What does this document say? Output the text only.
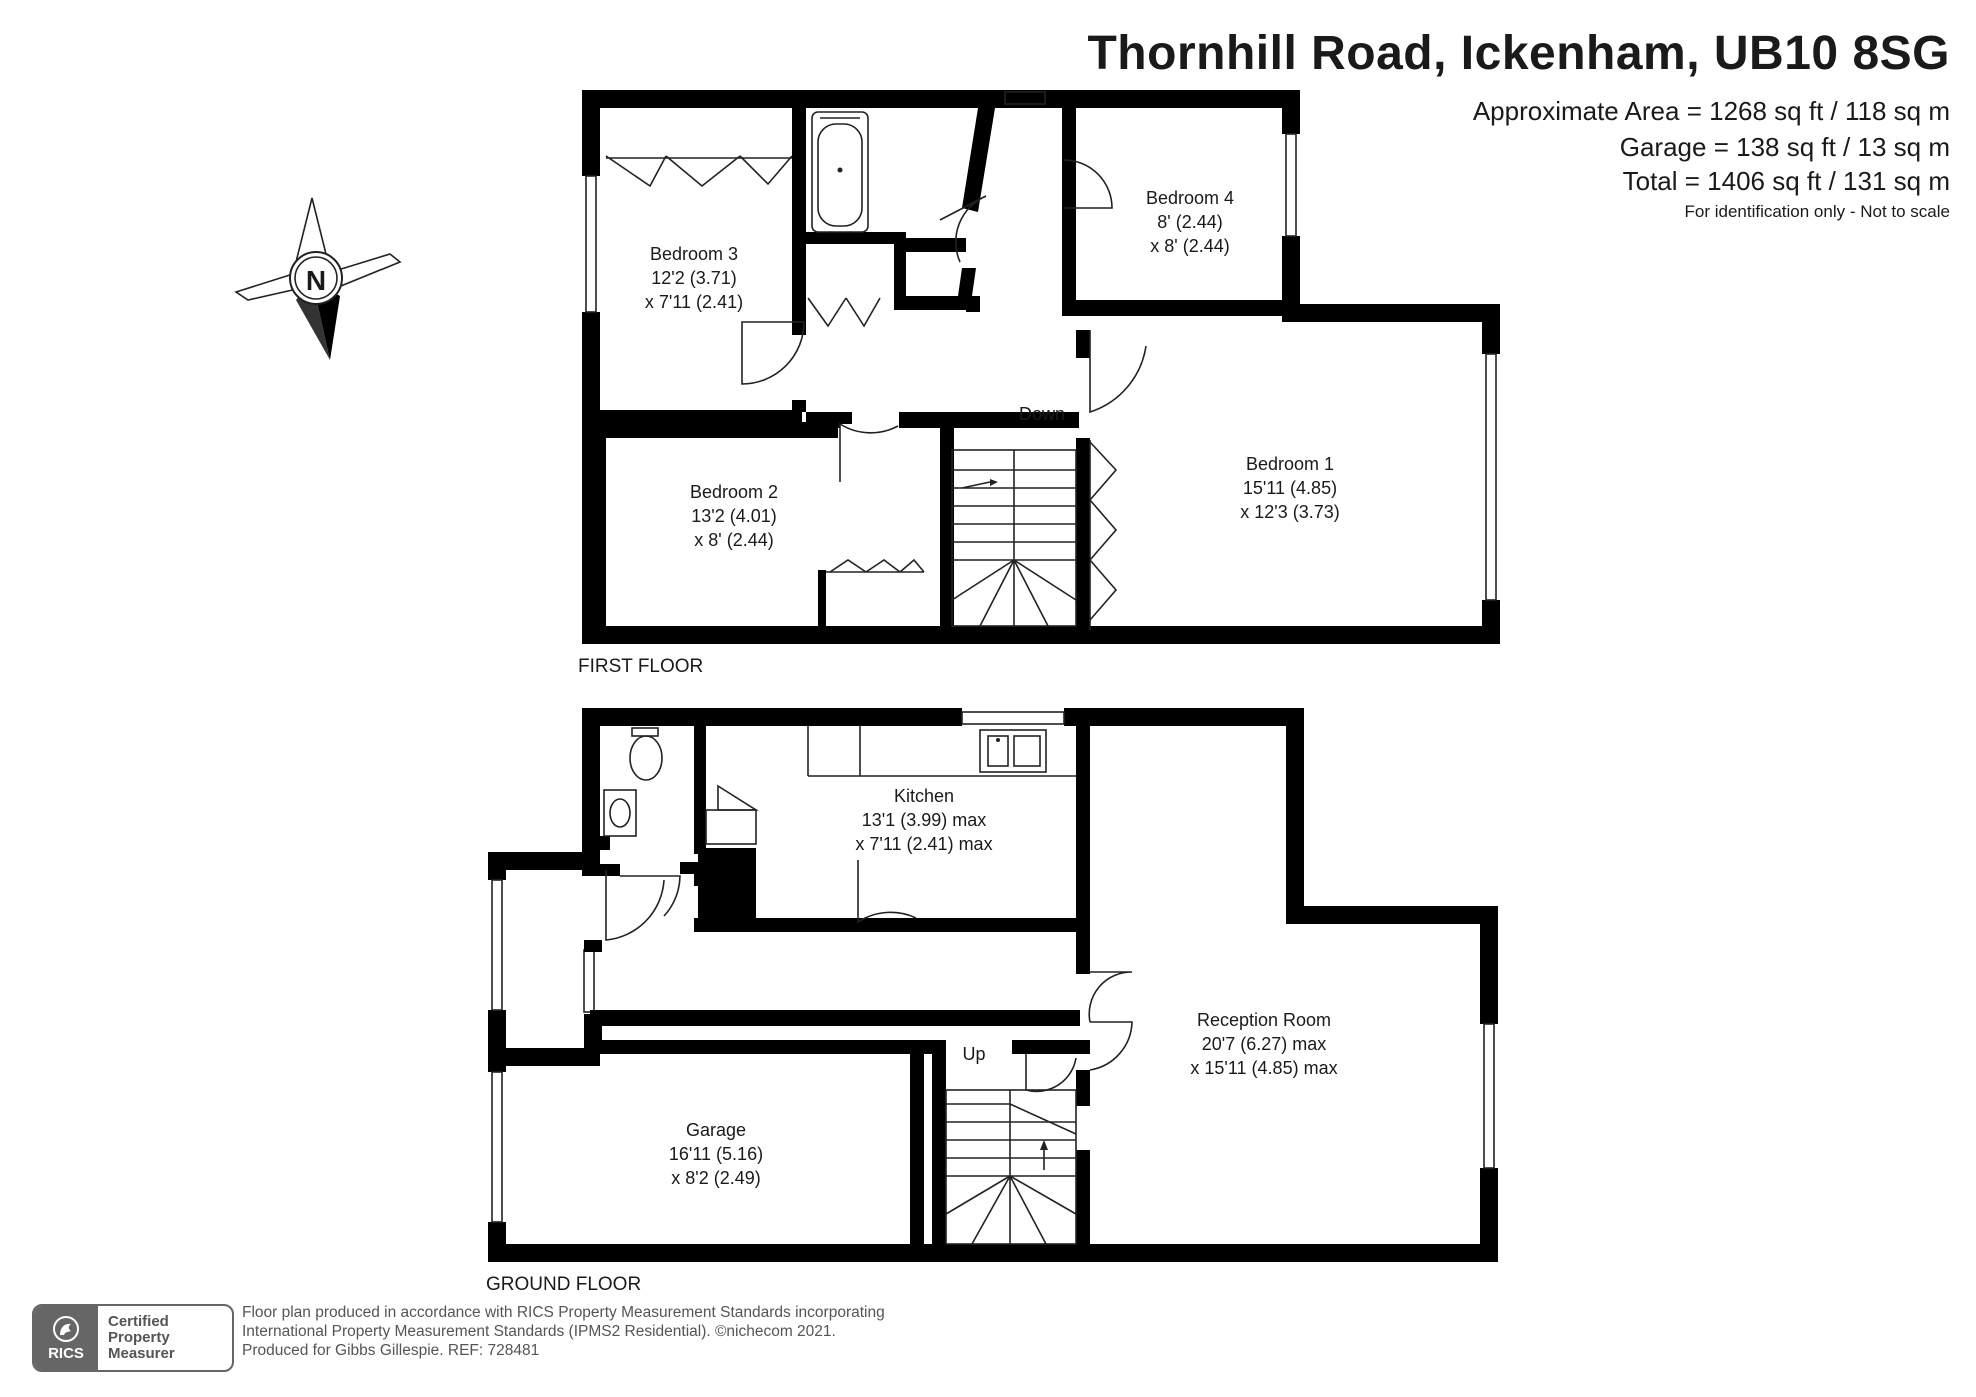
N
Bedroom 3
12'2 (3.71)
x 7'11 (2.41)
Bedroom 4
8' (2.44)
x 8' (2.44)
Bedroom 2
13'2 (4.01)
x 8' (2.44)
Bedroom 1
15'11 (4.85)
x 12'3 (3.73)
Down
FIRST FLOOR
Kitchen
13'1 (3.99) max
x 7'11 (2.41) max
Reception Room
20'7 (6.27) max
x 15'11 (4.85) max
Garage
16'11 (5.16)
x 8'2 (2.49)
Up
GROUND FLOOR
Thornhill Road, Ickenham, UB10 8SG
Approximate Area = 1268 sq ft / 118 sq m
Garage = 138 sq ft / 13 sq m
Total = 1406 sq ft / 131 sq m
For identification only - Not to scale
RICS
Certified
Property
Measurer
Floor plan produced in accordance with RICS Property Measurement Standards incorporating
International Property Measurement Standards (IPMS2 Residential). ©nichecom 2021.
Produced for Gibbs Gillespie. REF: 728481
